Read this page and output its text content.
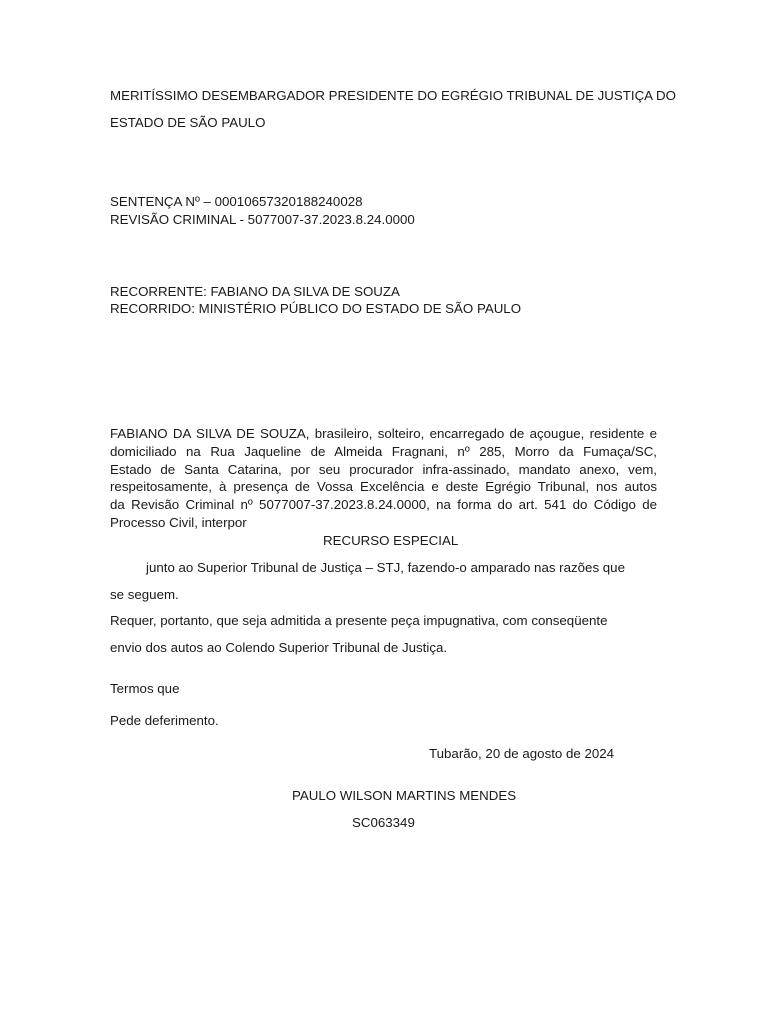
MERITÍSSIMO DESEMBARGADOR PRESIDENTE DO EGRÉGIO TRIBUNAL DE JUSTIÇA DO
ESTADO DE SÃO PAULO
SENTENÇA Nº – 00010657320188240028
REVISÃO CRIMINAL - 5077007-37.2023.8.24.0000
RECORRENTE: FABIANO DA SILVA DE SOUZA
RECORRIDO: MINISTÉRIO PÚBLICO DO ESTADO DE SÃO PAULO
FABIANO DA SILVA DE SOUZA, brasileiro, solteiro, encarregado de açougue, residente e
domiciliado na Rua Jaqueline de Almeida Fragnani, nº 285, Morro da Fumaça/SC,
Estado de Santa Catarina, por seu procurador infra-assinado, mandato anexo, vem,
respeitosamente, à presença de Vossa Excelência e deste Egrégio Tribunal, nos autos
da Revisão Criminal nº 5077007-37.2023.8.24.0000, na forma do art. 541 do Código de
Processo Civil, interpor
RECURSO ESPECIAL
junto ao Superior Tribunal de Justiça – STJ, fazendo-o amparado nas razões que
se seguem.
Requer, portanto, que seja admitida a presente peça impugnativa, com conseqüente
envio dos autos ao Colendo Superior Tribunal de Justiça.
Termos que
Pede deferimento.
Tubarão, 20 de agosto de 2024
PAULO WILSON MARTINS MENDES
SC063349
